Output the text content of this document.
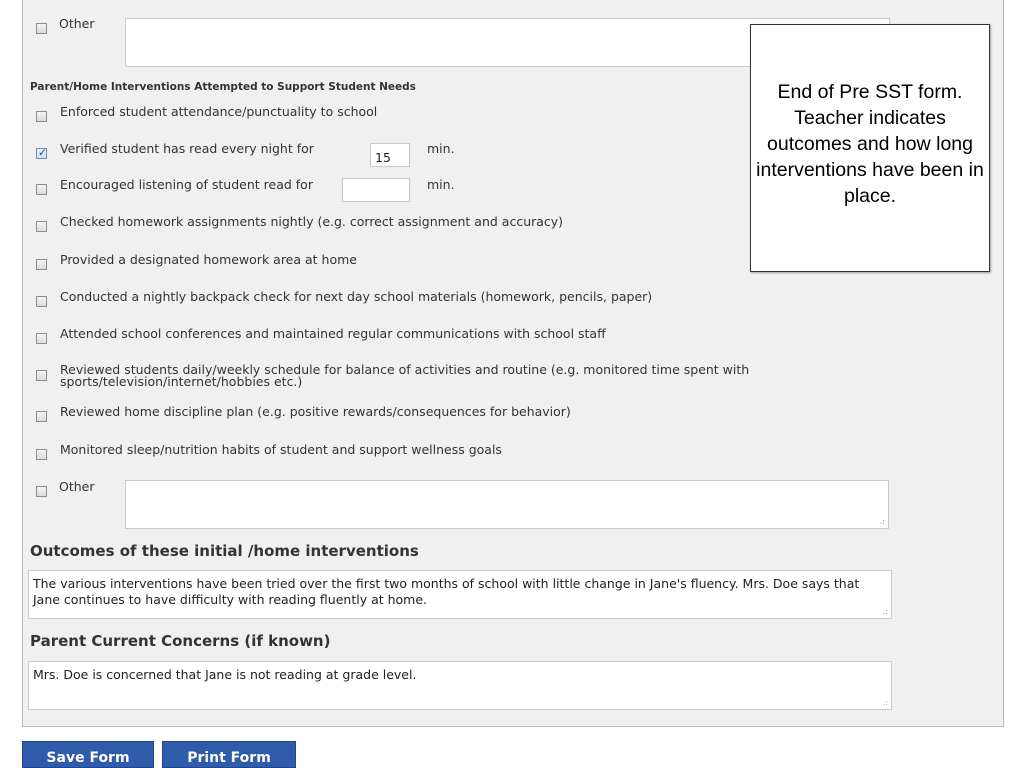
Other
Parent/Home Interventions Attempted to Support Student Needs
Enforced student attendance/punctuality to school
✓ Verified student has read every night for
15
min.
Encouraged listening of student read for	min.
Checked homework assignments nightly (e.g. correct assignment and accuracy)
Provided a designated homework area at home
Conducted a nightly backpack check for next day school materials (homework, pencils, paper)
Attended school conferences and maintained regular communications with school staff
Reviewed students daily/weekly schedule for balance of activities and routine (e.g. monitored time spent with sports/television/internet/hobbies etc.)
Reviewed home discipline plan (e.g. positive rewards/consequences for behavior)
Monitored sleep/nutrition habits of student and support wellness goals
Other
.:
Outcomes of these initial /home interventions
The various interventions have been tried over the first two months of school with little change in Jane's fluency. Mrs. Doe says that Jane continues to have difficulty with reading fluently at home.
.:
Parent Current Concerns (if known)
Mrs. Doe is concerned that Jane is not reading at grade level.
.:
Save Form	Print Form
End of Pre SST form. Teacher indicates outcomes and how long interventions have been in place.
